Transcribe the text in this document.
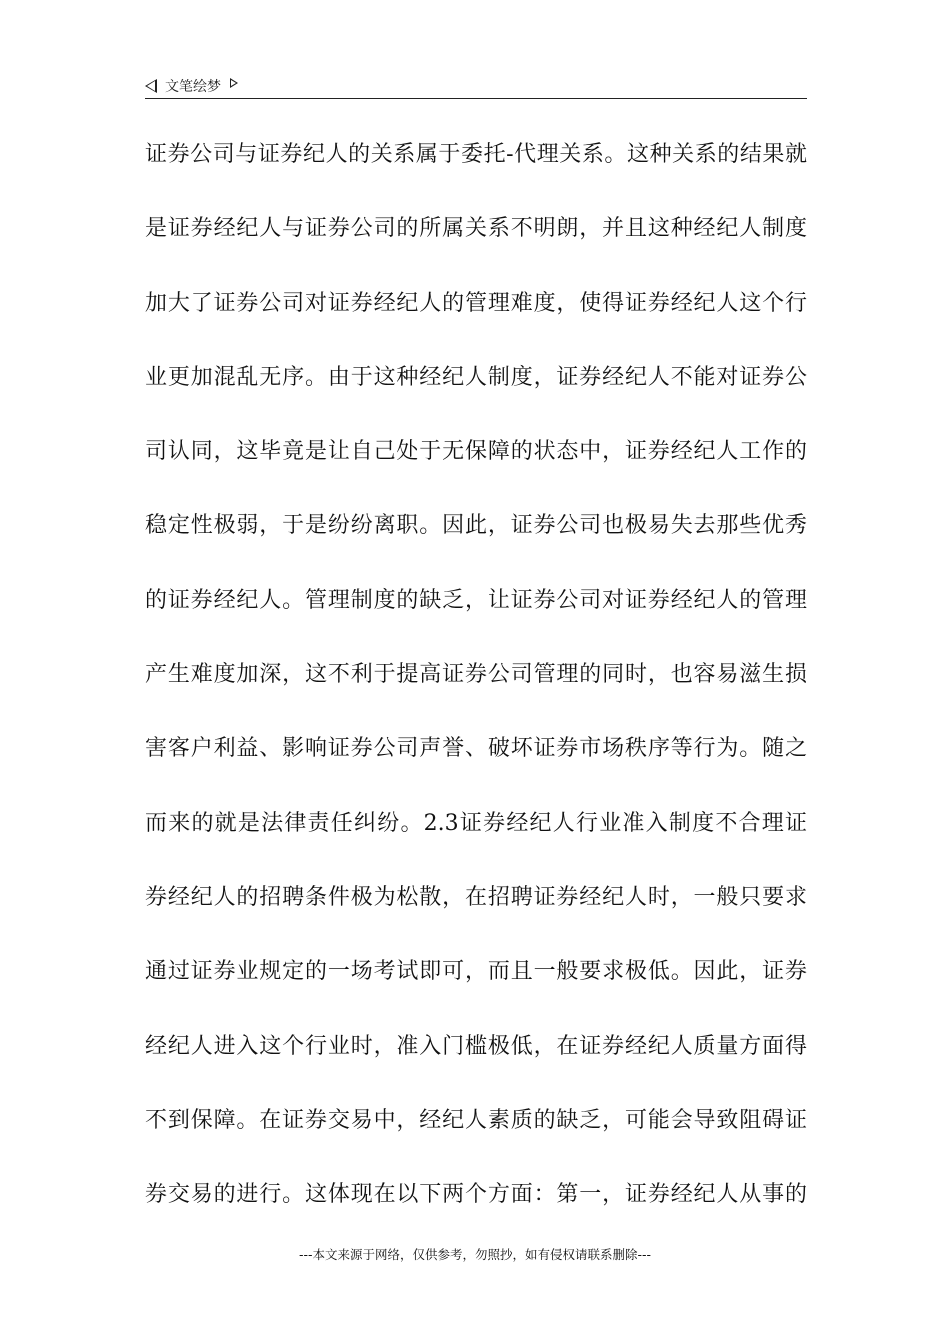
文笔绘梦
证券公司与证券纪人的关系属于委托-代理关系。这种关系的结果就
是证券经纪人与证券公司的所属关系不明朗，并且这种经纪人制度
加大了证券公司对证券经纪人的管理难度，使得证券经纪人这个行
业更加混乱无序。由于这种经纪人制度，证券经纪人不能对证券公
司认同，这毕竟是让自己处于无保障的状态中，证券经纪人工作的
稳定性极弱，于是纷纷离职。因此，证券公司也极易失去那些优秀
的证券经纪人。管理制度的缺乏，让证券公司对证券经纪人的管理
产生难度加深，这不利于提高证券公司管理的同时，也容易滋生损
害客户利益、影响证券公司声誉、破坏证券市场秩序等行为。随之
而来的就是法律责任纠纷。2.3证券经纪人行业准入制度不合理证
券经纪人的招聘条件极为松散，在招聘证券经纪人时，一般只要求
通过证券业规定的一场考试即可，而且一般要求极低。因此，证券
经纪人进入这个行业时，准入门槛极低，在证券经纪人质量方面得
不到保障。在证券交易中，经纪人素质的缺乏，可能会导致阻碍证
券交易的进行。这体现在以下两个方面：第一，证券经纪人从事的
---本文来源于网络，仅供参考，勿照抄，如有侵权请联系删除---
